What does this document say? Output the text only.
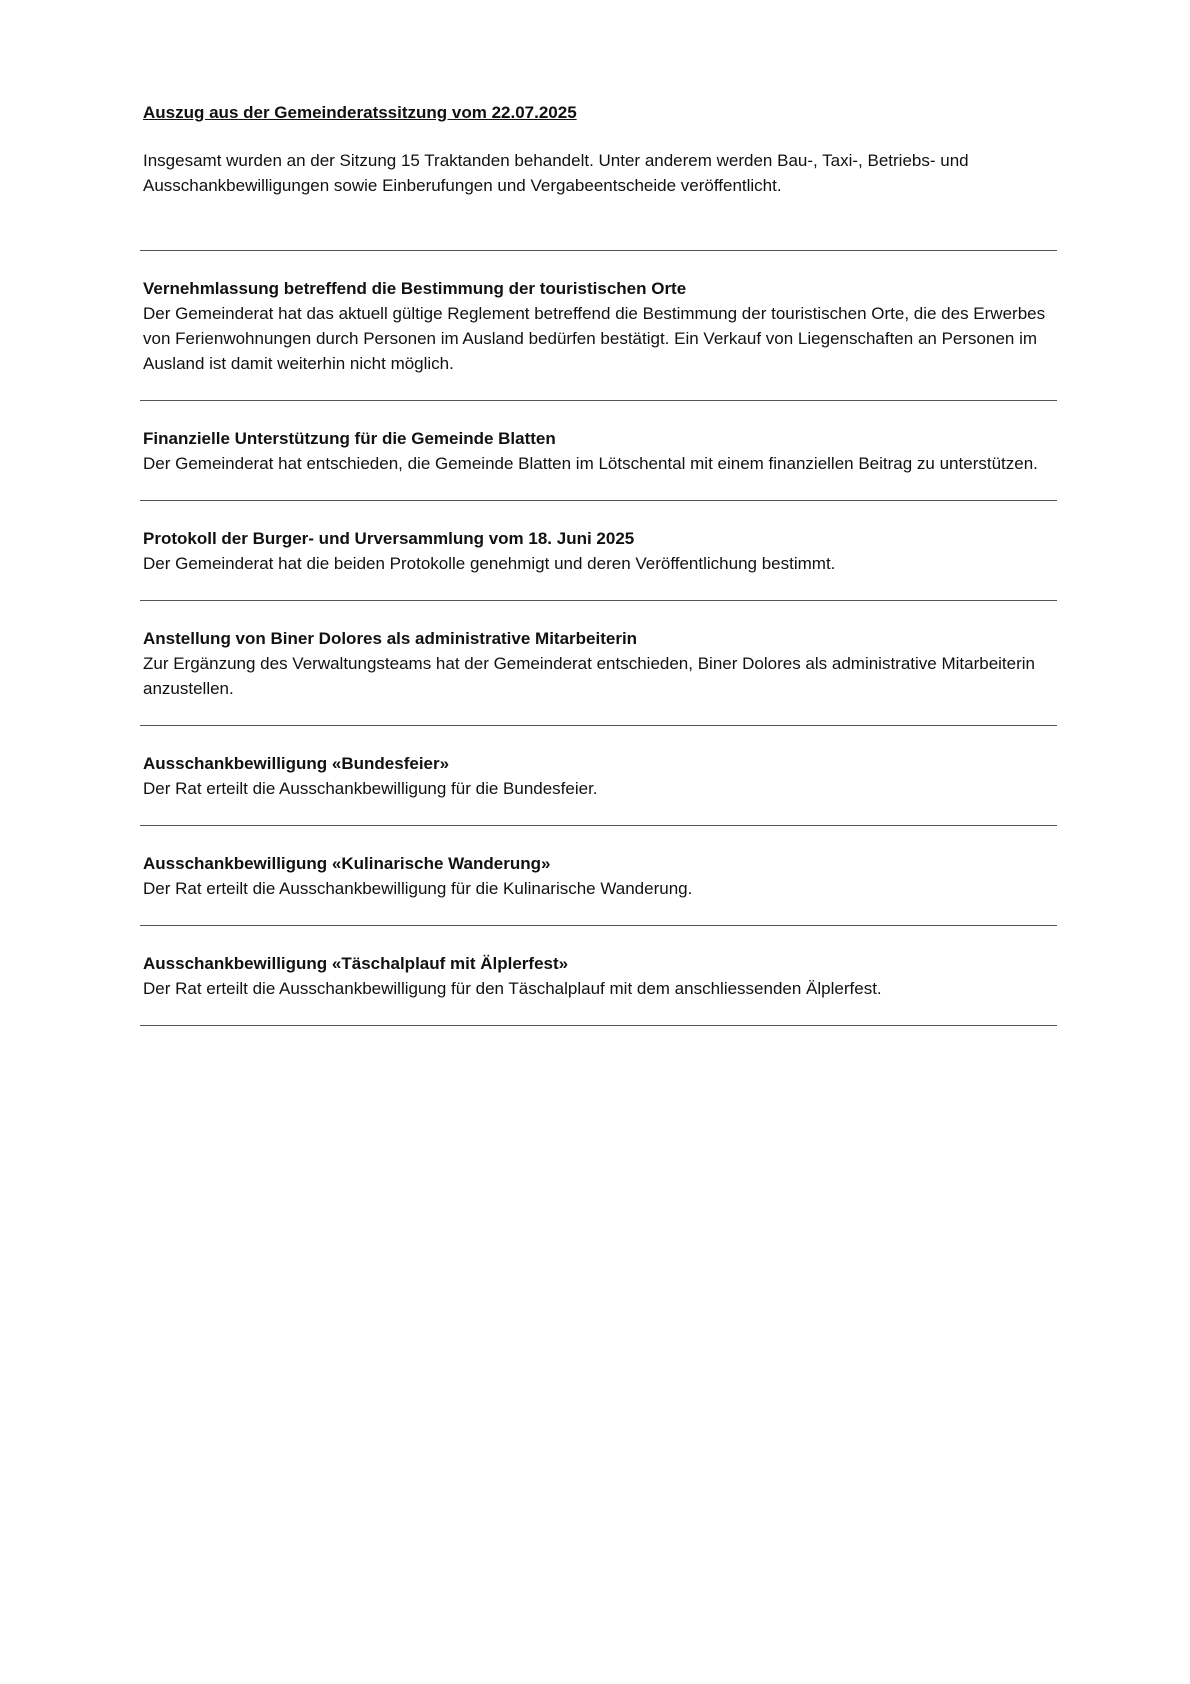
Auszug aus der Gemeinderatssitzung vom 22.07.2025

Insgesamt wurden an der Sitzung 15 Traktanden behandelt. Unter anderem werden Bau-, Taxi-, Betriebs- und Ausschankbewilligungen sowie Einberufungen und Vergabeentscheide veröffentlicht.

Vernehmlassung betreffend die Bestimmung der touristischen Orte

Der Gemeinderat hat das aktuell gültige Reglement betreffend die Bestimmung der touristischen Orte, die des Erwerbes von Ferienwohnungen durch Personen im Ausland bedürfen bestätigt. Ein Verkauf von Liegenschaften an Personen im Ausland ist damit weiterhin nicht möglich.

Finanzielle Unterstützung für die Gemeinde Blatten

Der Gemeinderat hat entschieden, die Gemeinde Blatten im Lötschental mit einem finanziellen Beitrag zu unterstützen.

Protokoll der Burger- und Urversammlung vom 18. Juni 2025

Der Gemeinderat hat die beiden Protokolle genehmigt und deren Veröffentlichung bestimmt.

Anstellung von Biner Dolores als administrative Mitarbeiterin

Zur Ergänzung des Verwaltungsteams hat der Gemeinderat entschieden, Biner Dolores als administrative Mitarbeiterin anzustellen.

Ausschankbewilligung «Bundesfeier»

Der Rat erteilt die Ausschankbewilligung für die Bundesfeier.

Ausschankbewilligung «Kulinarische Wanderung»

Der Rat erteilt die Ausschankbewilligung für die Kulinarische Wanderung.

Ausschankbewilligung «Täschalplauf mit Älplerfest»

Der Rat erteilt die Ausschankbewilligung für den Täschalplauf mit dem anschliessenden Älplerfest.
